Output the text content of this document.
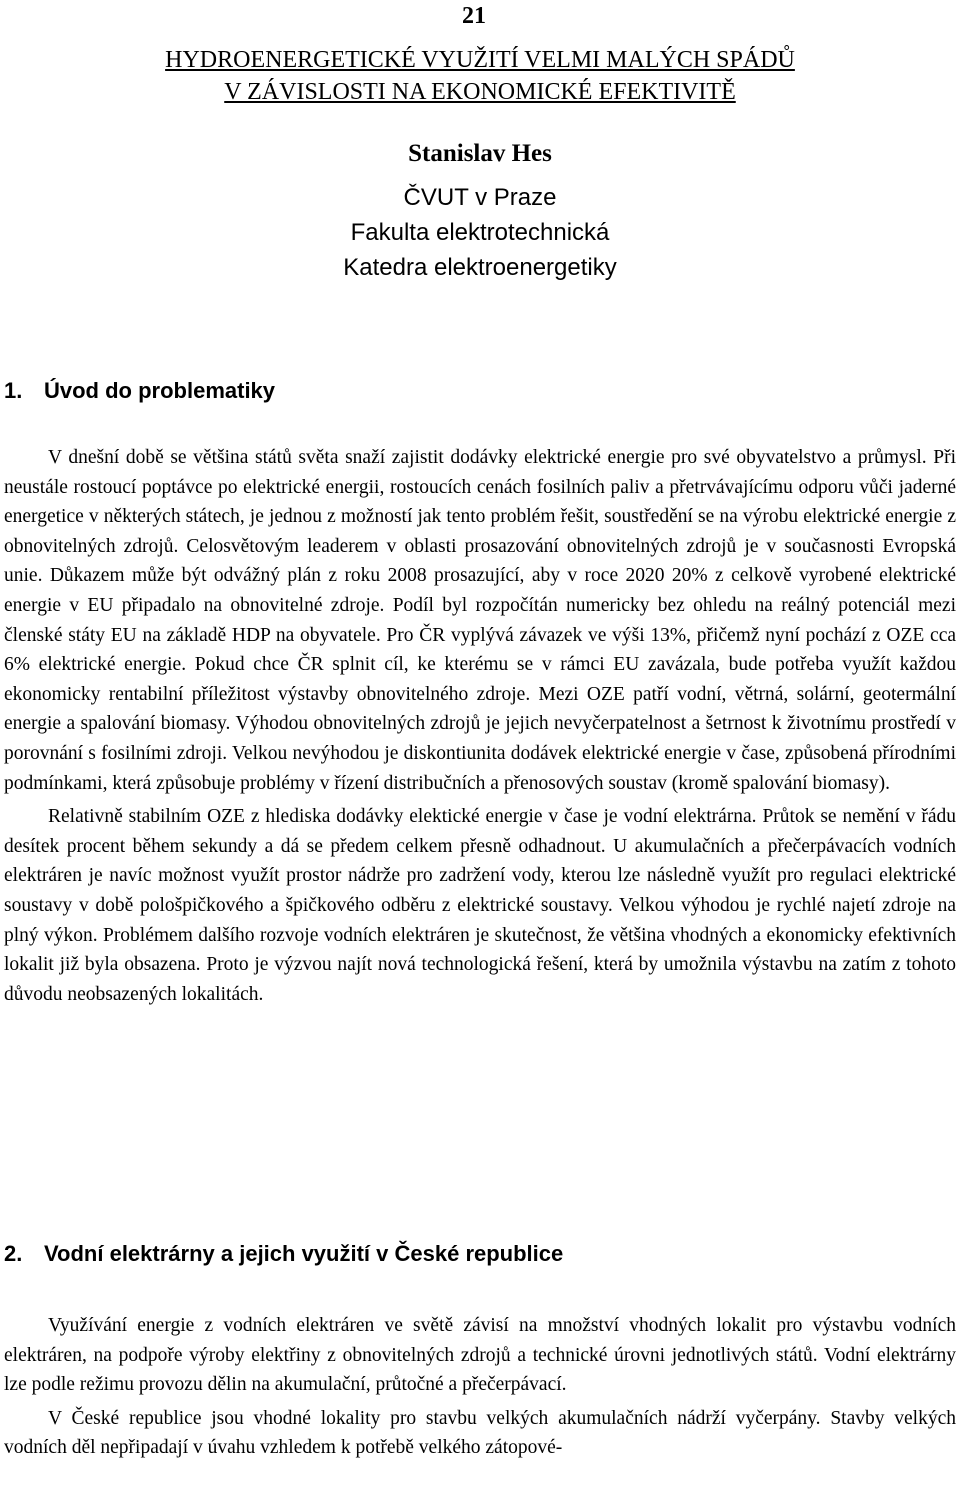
21
HYDROENERGETICKÉ VYUŽITÍ VELMI MALÝCH SPÁDŮ
V ZÁVISLOSTI NA EKONOMICKÉ EFEKTIVITĚ
Stanislav Hes
ČVUT v Praze
Fakulta elektrotechnická
Katedra elektroenergetiky
1. Úvod do problematiky

V dnešní době se většina států světa snaží zajistit dodávky elektrické energie pro své obyvatelstvo a průmysl. Při neustále rostoucí poptávce po elektrické energii, rostoucích cenách fosilních paliv a přetrvávajícímu odporu vůči jaderné energetice v některých státech, je jednou z možností jak tento problém řešit, soustředění se na výrobu elektrické energie z obnovitelných zdrojů. Celosvětovým leaderem v oblasti prosazování obnovitelných zdrojů je v současnosti Evropská unie. Důkazem může být odvážný plán z roku 2008 prosazující, aby v roce 2020 20% z celkově vyrobené elektrické energie v EU připadalo na obnovitelné zdroje. Podíl byl rozpočítán numericky bez ohledu na reálný potenciál mezi členské státy EU na základě HDP na obyvatele. Pro ČR vyplývá závazek ve výši 13%, přičemž nyní pochází z OZE cca 6% elektrické energie. Pokud chce ČR splnit cíl, ke kterému se v rámci EU zavázala, bude potřeba využít každou ekonomicky rentabilní příležitost výstavby obnovitelného zdroje. Mezi OZE patří vodní, větrná, solární, geotermální energie a spalování biomasy. Výhodou obnovitelných zdrojů je jejich nevyčerpatelnost a šetrnost k životnímu prostředí v porovnání s fosilními zdroji. Velkou nevýhodou je diskontiunita dodávek elektrické energie v čase, způsobená přírodními podmínkami, která způsobuje problémy v řízení distribučních a přenosových soustav (kromě spalování biomasy).

Relativně stabilním OZE z hlediska dodávky elektické energie v čase je vodní elektrárna. Průtok se nemění v řádu desítek procent během sekundy a dá se předem celkem přesně odhadnout. U akumulačních a přečerpávacích vodních elektráren je navíc možnost využít prostor nádrže pro zadržení vody, kterou lze následně využít pro regulaci elektrické soustavy v době pološpičkového a špičkového odběru z elektrické soustavy. Velkou výhodou je rychlé najetí zdroje na plný výkon. Problémem dalšího rozvoje vodních elektráren je skutečnost, že většina vhodných a ekonomicky efektivních lokalit již byla obsazena. Proto je výzvou najít nová technologická řešení, která by umožnila výstavbu na zatím z tohoto důvodu neobsazených lokalitách.

2. Vodní elektrárny a jejich využití v České republice

Využívání energie z vodních elektráren ve světě závisí na množství vhodných lokalit pro výstavbu vodních elektráren, na podpoře výroby elektřiny z obnovitelných zdrojů a technické úrovni jednotlivých států. Vodní elektrárny lze podle režimu provozu dělin na akumulační, průtočné a přečerpávací.

V České republice jsou vhodné lokality pro stavbu velkých akumulačních nádrží vyčerpány. Stavby velkých vodních děl nepřipadají v úvahu vzhledem k potřebě velkého zátopové-
